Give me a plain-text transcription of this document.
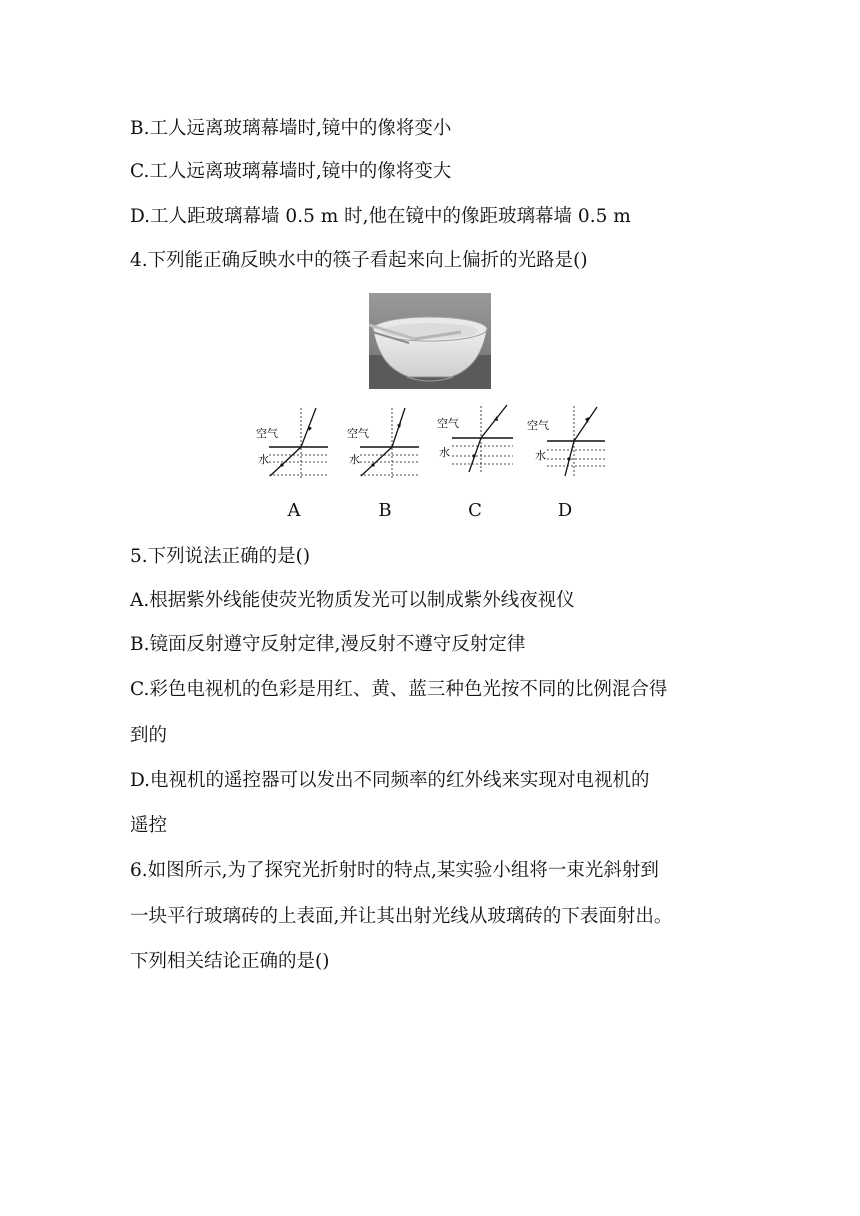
B.工人远离玻璃幕墙时,镜中的像将变小
C.工人远离玻璃幕墙时,镜中的像将变大
D.工人距玻璃幕墙 0.5 m 时,他在镜中的像距玻璃幕墙 0.5 m
4.下列能正确反映水中的筷子看起来向上偏折的光路是()
空气
水
A
空气
水
B
空气
水
C
空气
水
D
5.下列说法正确的是()
A.根据紫外线能使荧光物质发光可以制成紫外线夜视仪
B.镜面反射遵守反射定律,漫反射不遵守反射定律
C.彩色电视机的色彩是用红、黄、蓝三种色光按不同的比例混合得
到的
D.电视机的遥控器可以发出不同频率的红外线来实现对电视机的
遥控
6.如图所示,为了探究光折射时的特点,某实验小组将一束光斜射到
一块平行玻璃砖的上表面,并让其出射光线从玻璃砖的下表面射出。
下列相关结论正确的是()
